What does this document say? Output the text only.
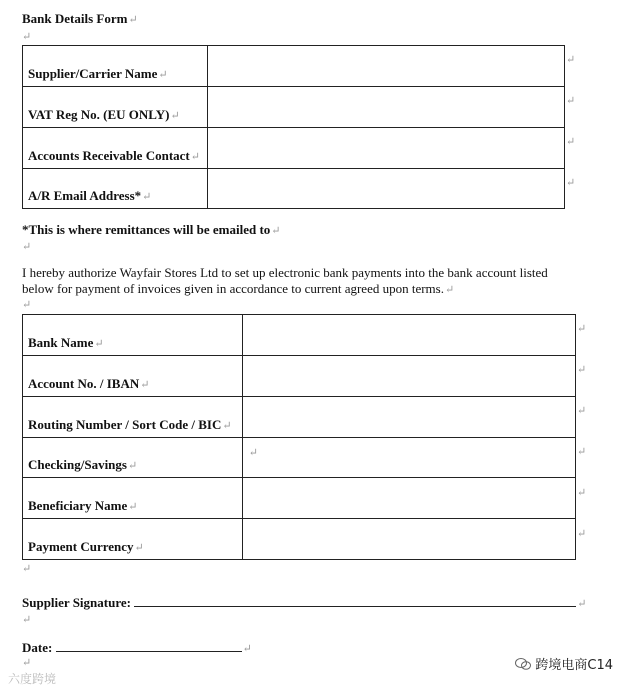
Bank Details Form↵
↵
Supplier/Carrier Name↵	
VAT Reg No. (EU ONLY)↵	
Accounts Receivable Contact↵	
A/R Email Address*↵	
↵
↵
↵
↵
*This is where remittances will be emailed to↵
↵
I hereby authorize Wayfair Stores Ltd to set up electronic bank payments into the bank account listed below for payment of invoices given in accordance to current agreed upon terms.↵
↵
Bank Name↵	
Account No. / IBAN↵	
Routing Number / Sort Code / BIC↵	
Checking/Savings↵	↵
Beneficiary Name↵	
Payment Currency↵	
↵
↵
↵
↵
↵
↵
↵
Supplier Signature:	↵
↵
Date:	↵
↵	跨境电商C14
六度跨境
